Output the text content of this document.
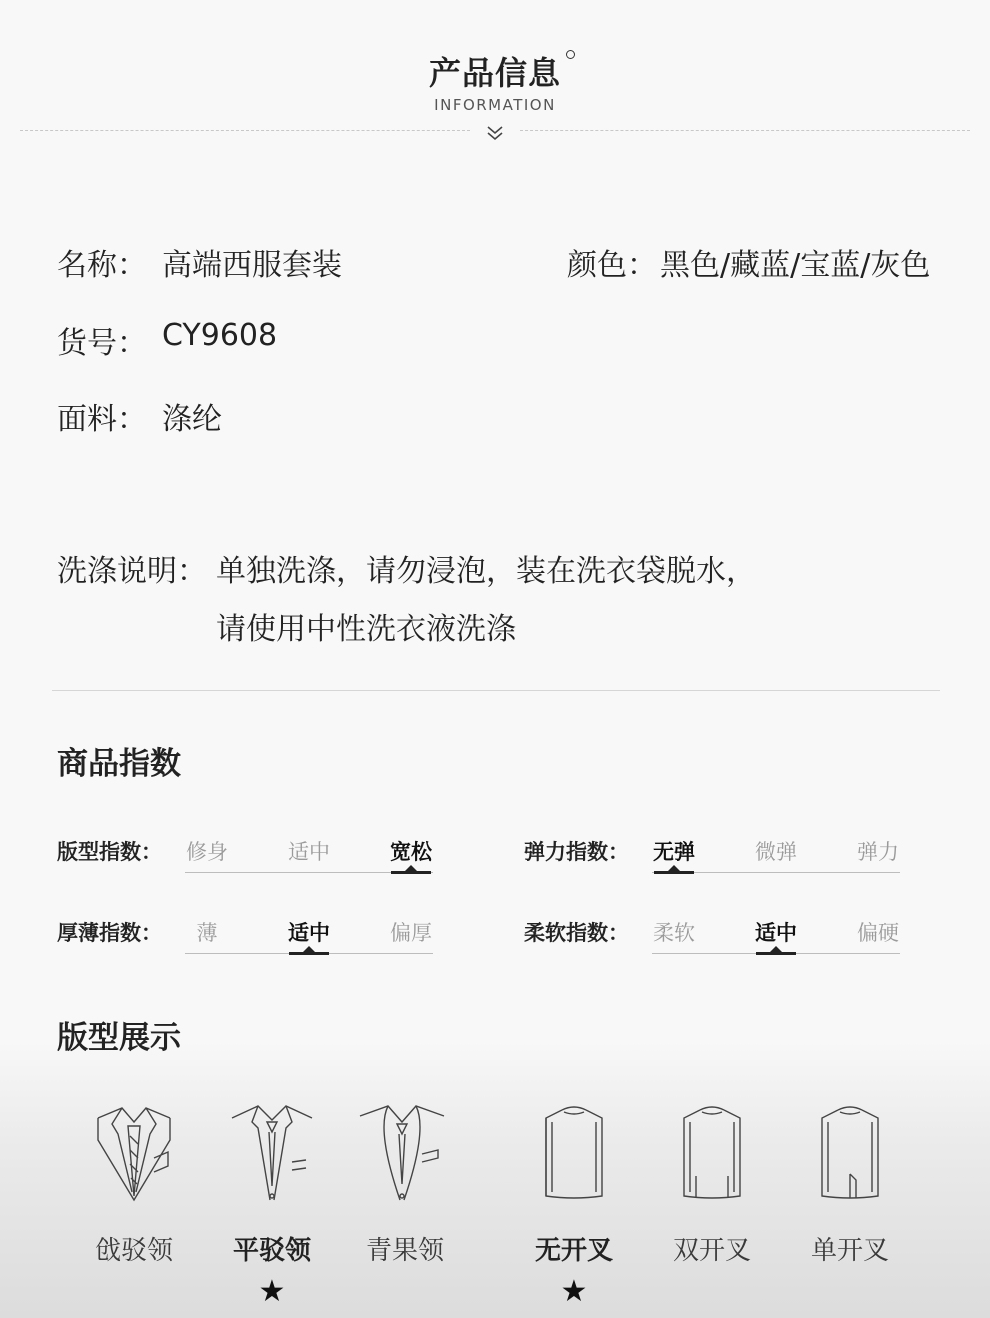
产品信息
INFORMATION
名称： 高端西服套装	颜色： 黑色/藏蓝/宝蓝/灰色
货号： CY9608
面料： 涤纶
洗涤说明： 单独洗涤，请勿浸泡，装在洗衣袋脱水，
请使用中性洗衣液洗涤
商品指数
版型指数： 修身	适中	宽松	弹力指数： 无弹	微弹	弹力
厚薄指数：	薄	适中	偏厚	柔软指数： 柔软	适中	偏硬
版型展示
戗驳领	平驳领
★
青果领	无开叉
★
双开叉	单开叉
